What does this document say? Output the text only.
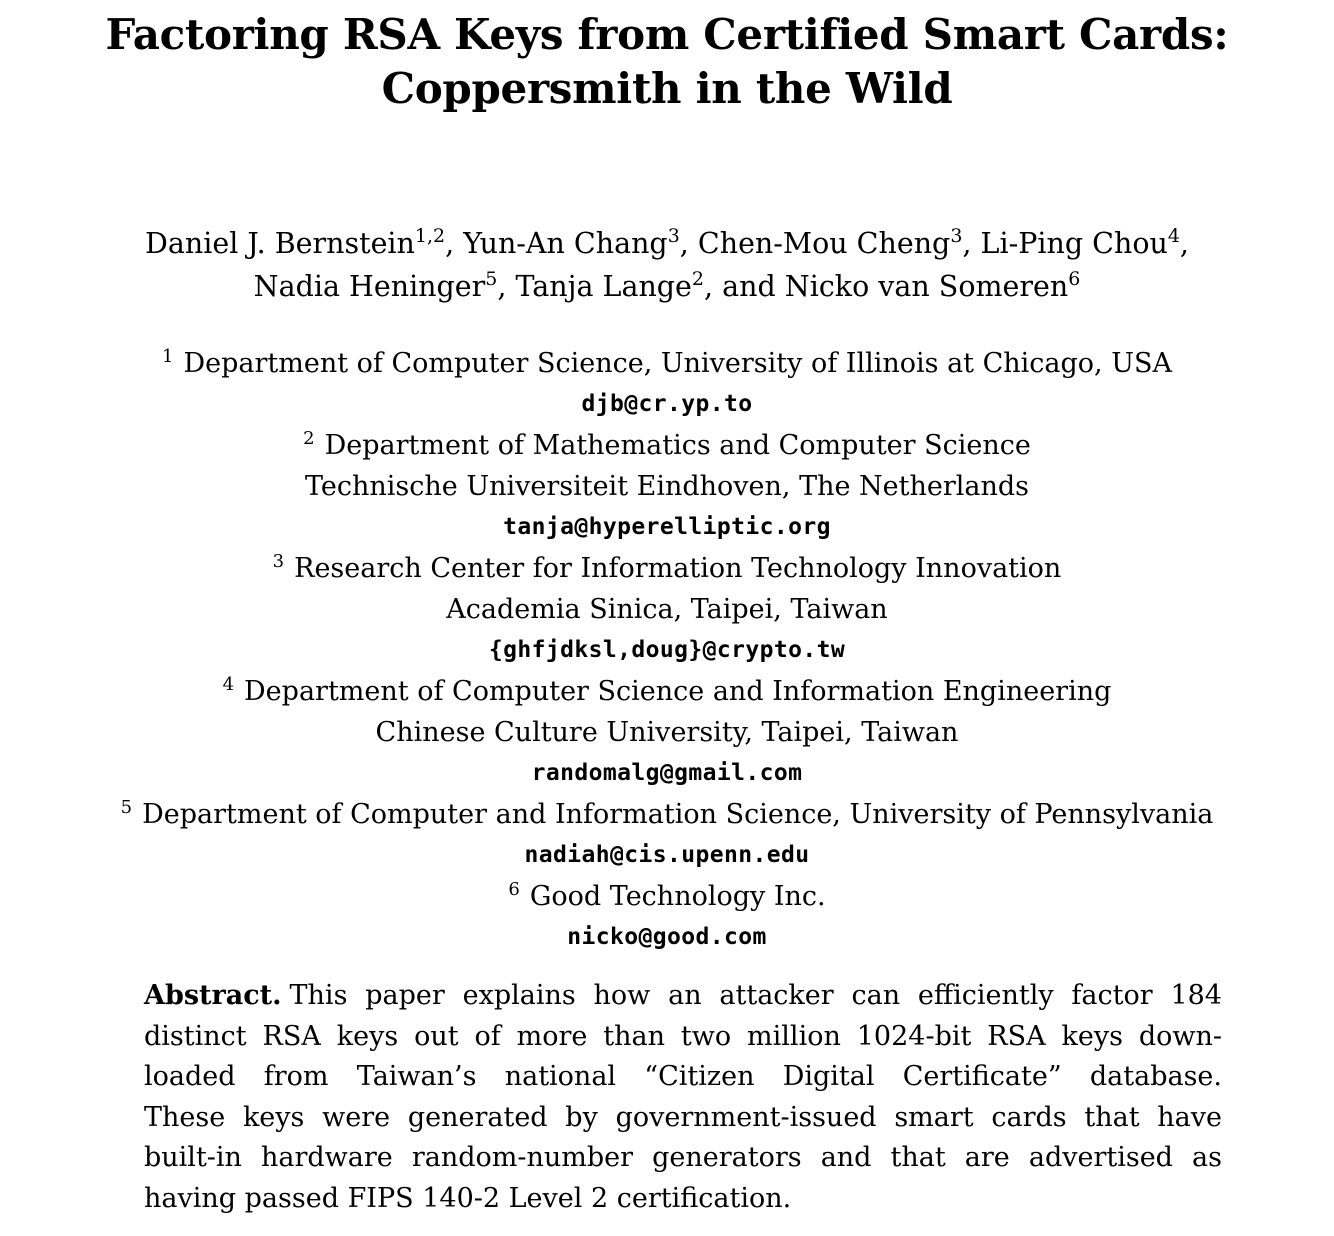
Factoring RSA Keys from Certified Smart Cards:
Coppersmith in the Wild
Daniel J. Bernstein$^{1,2}$, Yun-An Chang$^3$, Chen-Mou Cheng$^3$, Li-Ping Chou$^4$,
Nadia Heninger$^5$, Tanja Lange$^2$, and Nicko van Someren$^6$
$^1$ Department of Computer Science, University of Illinois at Chicago, USA
djb@cr.yp.to
$^2$ Department of Mathematics and Computer Science
Technische Universiteit Eindhoven, The Netherlands
tanja@hyperelliptic.org
$^3$ Research Center for Information Technology Innovation
Academia Sinica, Taipei, Taiwan
{ghfjdksl,doug}@crypto.tw
$^4$ Department of Computer Science and Information Engineering
Chinese Culture University, Taipei, Taiwan
randomalg@gmail.com
$^5$ Department of Computer and Information Science, University of Pennsylvania
nadiah@cis.upenn.edu
$^6$ Good Technology Inc.
nicko@good.com
Abstract. This paper explains how an attacker can efficiently factor 184
distinct RSA keys out of more than two million 1024-bit RSA keys down-
loaded from Taiwan’s national “Citizen Digital Certificate” database.
These keys were generated by government-issued smart cards that have
built-in hardware random-number generators and that are advertised as
having passed FIPS 140-2 Level 2 certification.
